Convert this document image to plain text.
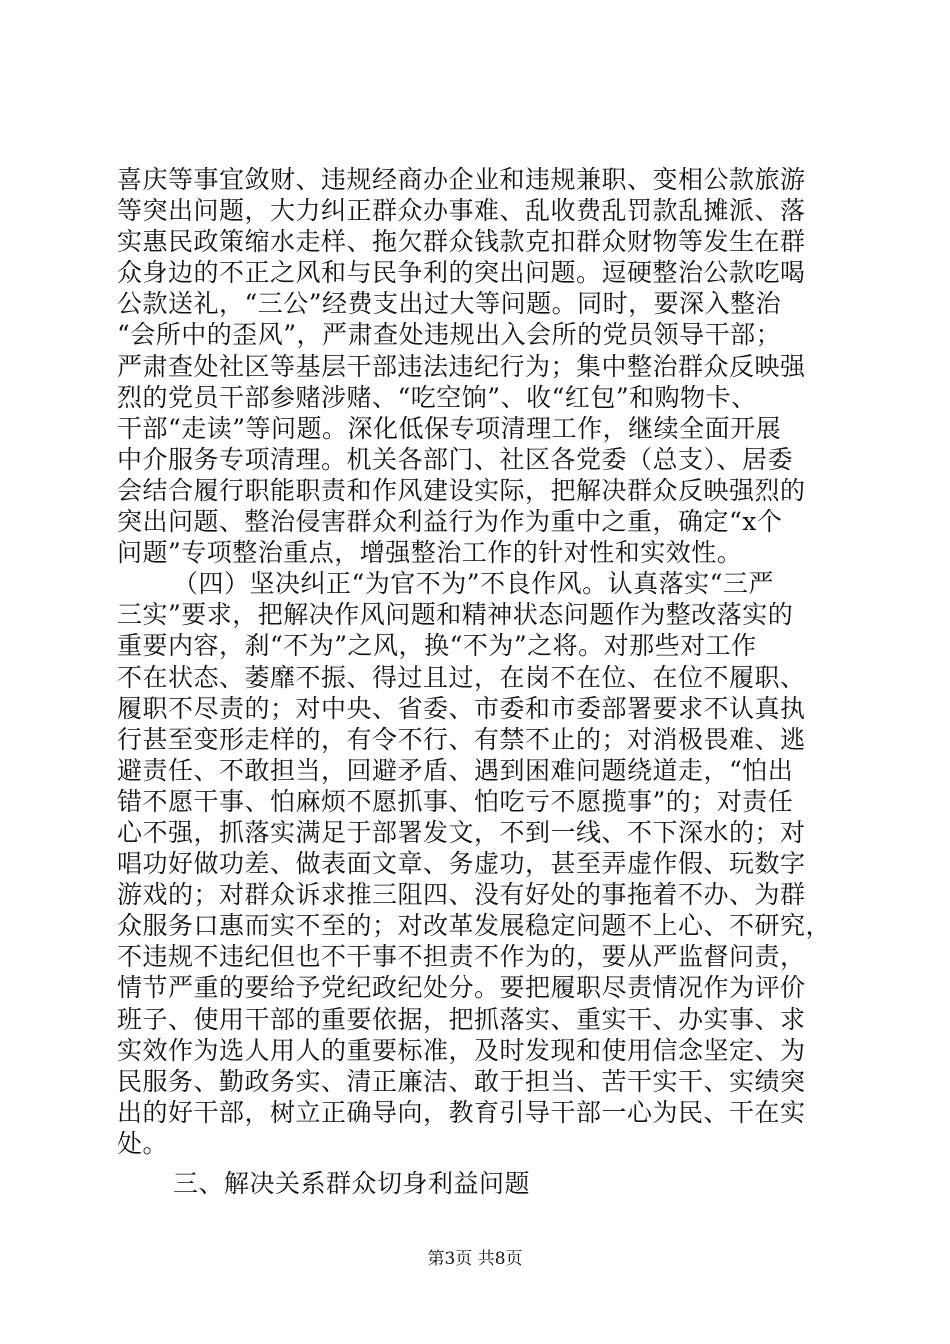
喜庆等事宜敛财、违规经商办企业和违规兼职、变相公款旅游
等突出问题，大力纠正群众办事难、乱收费乱罚款乱摊派、落
实惠民政策缩水走样、拖欠群众钱款克扣群众财物等发生在群
众身边的不正之风和与民争利的突出问题。逗硬整治公款吃喝
公款送礼，“三公”经费支出过大等问题。同时，要深入整治
“会所中的歪风”，严肃查处违规出入会所的党员领导干部；
严肃查处社区等基层干部违法违纪行为；集中整治群众反映强
烈的党员干部参赌涉赌、“吃空饷”、收“红包”和购物卡、
干部“走读”等问题。深化低保专项清理工作，继续全面开展
中介服务专项清理。机关各部门、社区各党委（总支）、居委
会结合履行职能职责和作风建设实际，把解决群众反映强烈的
突出问题、整治侵害群众利益行为作为重中之重，确定“x个
问题”专项整治重点，增强整治工作的针对性和实效性。
（四）坚决纠正“为官不为”不良作风。认真落实“三严
三实”要求，把解决作风问题和精神状态问题作为整改落实的
重要内容，刹“不为”之风，换“不为”之将。对那些对工作
不在状态、萎靡不振、得过且过，在岗不在位、在位不履职、
履职不尽责的；对中央、省委、市委和市委部署要求不认真执
行甚至变形走样的，有令不行、有禁不止的；对消极畏难、逃
避责任、不敢担当，回避矛盾、遇到困难问题绕道走，“怕出
错不愿干事、怕麻烦不愿抓事、怕吃亏不愿揽事”的；对责任
心不强，抓落实满足于部署发文，不到一线、不下深水的；对
唱功好做功差、做表面文章、务虚功，甚至弄虚作假、玩数字
游戏的；对群众诉求推三阻四、没有好处的事拖着不办、为群
众服务口惠而实不至的；对改革发展稳定问题不上心、不研究，
不违规不违纪但也不干事不担责不作为的，要从严监督问责，
情节严重的要给予党纪政纪处分。要把履职尽责情况作为评价
班子、使用干部的重要依据，把抓落实、重实干、办实事、求
实效作为选人用人的重要标准，及时发现和使用信念坚定、为
民服务、勤政务实、清正廉洁、敢于担当、苦干实干、实绩突
出的好干部，树立正确导向，教育引导干部一心为民、干在实
处。
三、解决关系群众切身利益问题
第3页 共8页
